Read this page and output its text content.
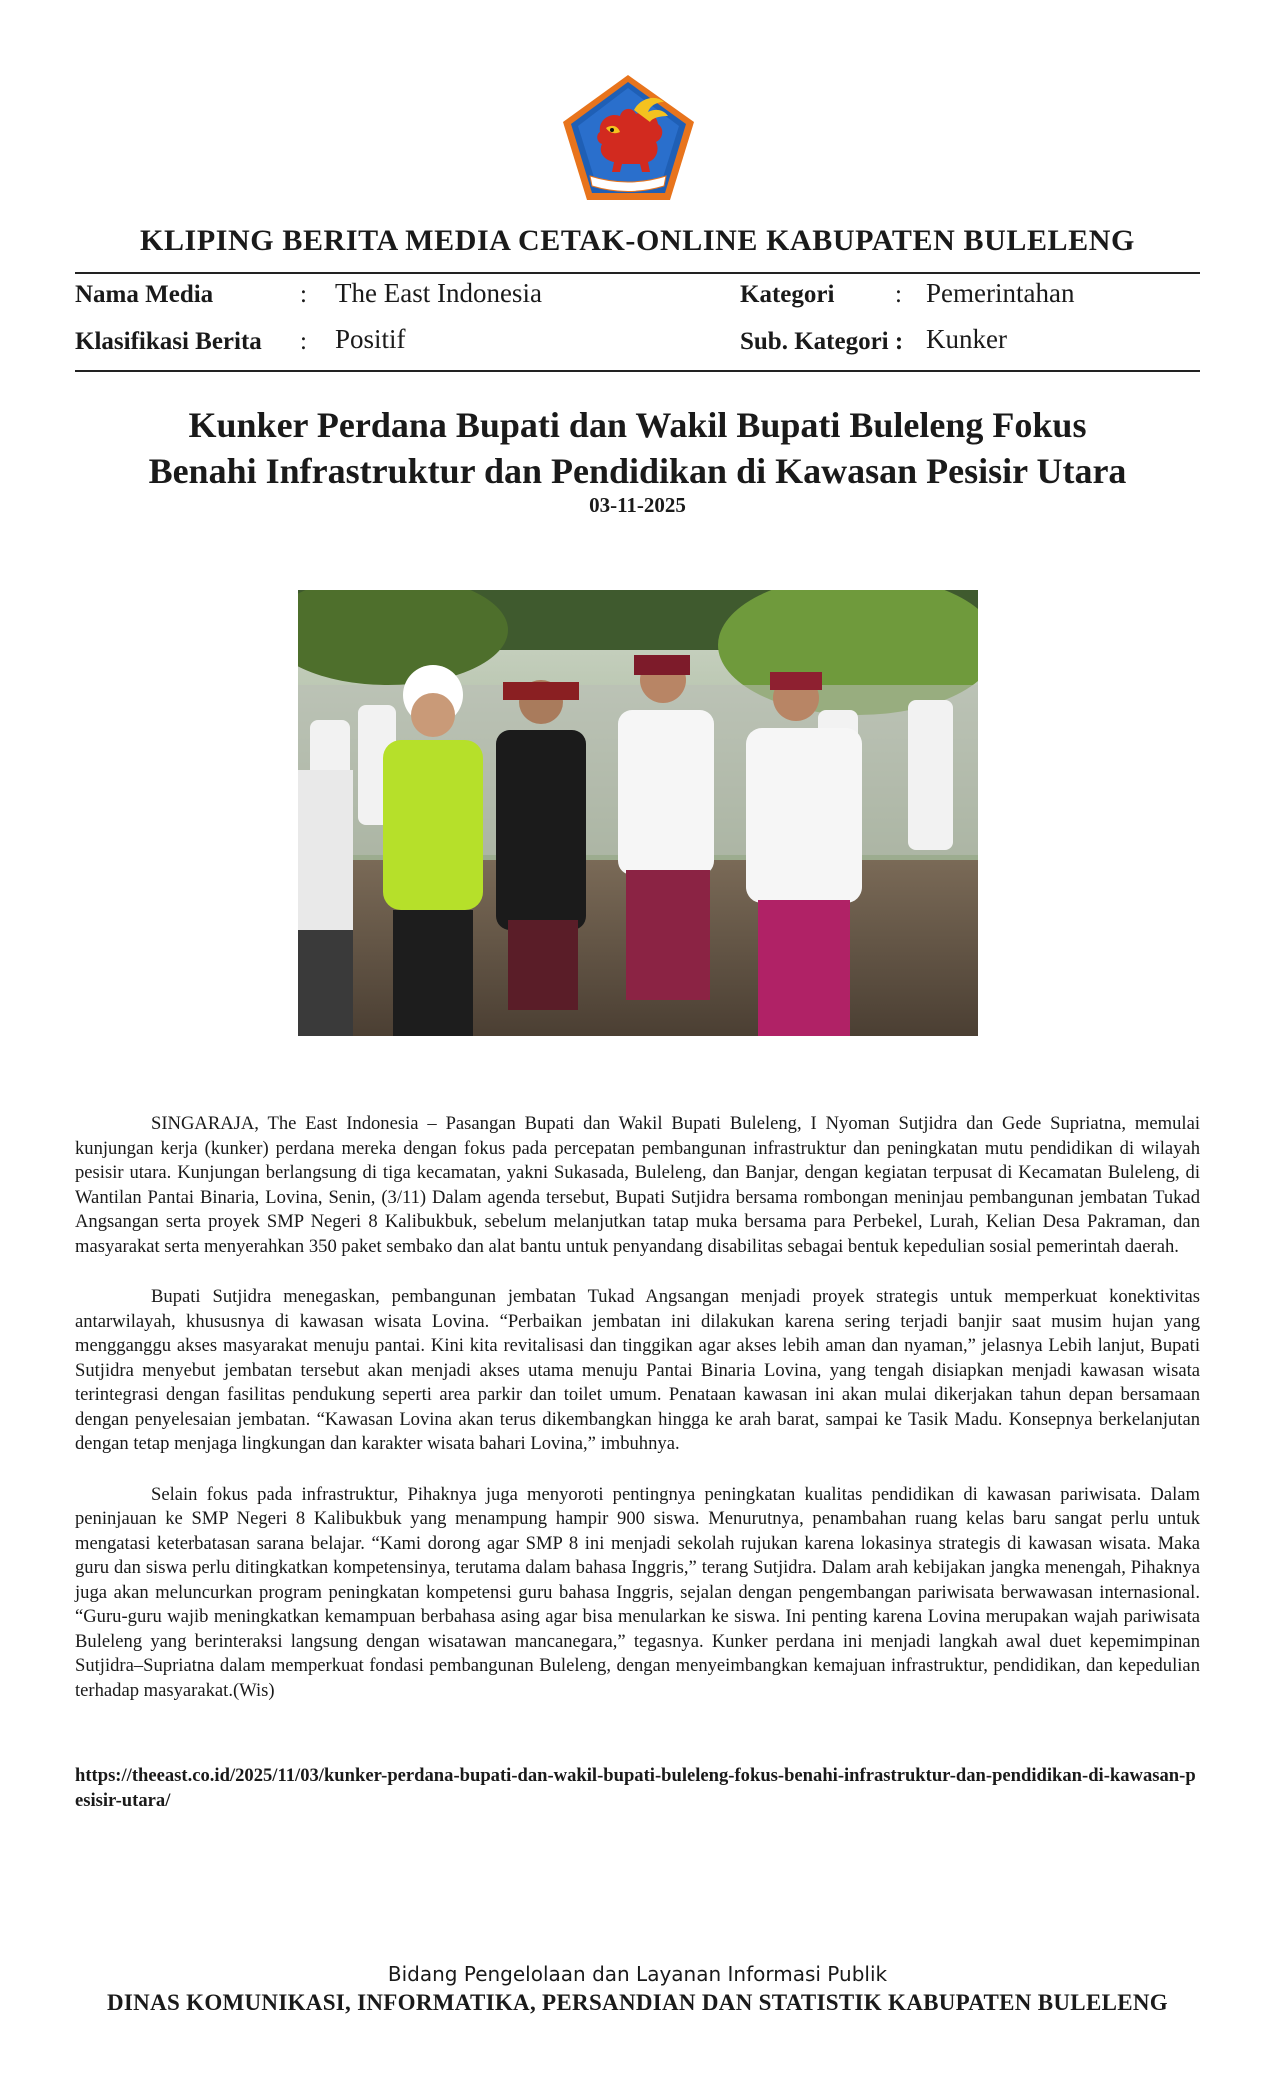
KLIPING BERITA MEDIA CETAK-ONLINE KABUPATEN BULELENG
Nama Media	: The East Indonesia	Kategori : Pemerintahan
Klasifikasi Berita : Positif	Sub. Kategori : Kunker
Kunker Perdana Bupati dan Wakil Bupati Buleleng Fokus
Benahi Infrastruktur dan Pendidikan di Kawasan Pesisir Utara
03-11-2025

SINGARAJA, The East Indonesia – Pasangan Bupati dan Wakil Bupati Buleleng, I Nyoman Sutjidra dan Gede Supriatna, memulai kunjungan kerja (kunker) perdana mereka dengan fokus pada percepatan pembangunan infrastruktur dan peningkatan mutu pendidikan di wilayah pesisir utara. Kunjungan berlangsung di tiga kecamatan, yakni Sukasada, Buleleng, dan Banjar, dengan kegiatan terpusat di Kecamatan Buleleng, di Wantilan Pantai Binaria, Lovina, Senin, (3/11) Dalam agenda tersebut, Bupati Sutjidra bersama rombongan meninjau pembangunan jembatan Tukad Angsangan serta proyek SMP Negeri 8 Kalibukbuk, sebelum melanjutkan tatap muka bersama para Perbekel, Lurah, Kelian Desa Pakraman, dan masyarakat serta menyerahkan 350 paket sembako dan alat bantu untuk penyandang disabilitas sebagai bentuk kepedulian sosial pemerintah daerah.

Bupati Sutjidra menegaskan, pembangunan jembatan Tukad Angsangan menjadi proyek strategis untuk memperkuat konektivitas antarwilayah, khususnya di kawasan wisata Lovina. “Perbaikan jembatan ini dilakukan karena sering terjadi banjir saat musim hujan yang mengganggu akses masyarakat menuju pantai. Kini kita revitalisasi dan tinggikan agar akses lebih aman dan nyaman,” jelasnya Lebih lanjut, Bupati Sutjidra menyebut jembatan tersebut akan menjadi akses utama menuju Pantai Binaria Lovina, yang tengah disiapkan menjadi kawasan wisata terintegrasi dengan fasilitas pendukung seperti area parkir dan toilet umum. Penataan kawasan ini akan mulai dikerjakan tahun depan bersamaan dengan penyelesaian jembatan. “Kawasan Lovina akan terus dikembangkan hingga ke arah barat, sampai ke Tasik Madu. Konsepnya berkelanjutan dengan tetap menjaga lingkungan dan karakter wisata bahari Lovina,” imbuhnya.

Selain fokus pada infrastruktur, Pihaknya juga menyoroti pentingnya peningkatan kualitas pendidikan di kawasan pariwisata. Dalam peninjauan ke SMP Negeri 8 Kalibukbuk yang menampung hampir 900 siswa. Menurutnya, penambahan ruang kelas baru sangat perlu untuk mengatasi keterbatasan sarana belajar. “Kami dorong agar SMP 8 ini menjadi sekolah rujukan karena lokasinya strategis di kawasan wisata. Maka guru dan siswa perlu ditingkatkan kompetensinya, terutama dalam bahasa Inggris,” terang Sutjidra. Dalam arah kebijakan jangka menengah, Pihaknya juga akan meluncurkan program peningkatan kompetensi guru bahasa Inggris, sejalan dengan pengembangan pariwisata berwawasan internasional. “Guru-guru wajib meningkatkan kemampuan berbahasa asing agar bisa menularkan ke siswa. Ini penting karena Lovina merupakan wajah pariwisata Buleleng yang berinteraksi langsung dengan wisatawan mancanegara,” tegasnya. Kunker perdana ini menjadi langkah awal duet kepemimpinan Sutjidra–Supriatna dalam memperkuat fondasi pembangunan Buleleng, dengan menyeimbangkan kemajuan infrastruktur, pendidikan, dan kepedulian terhadap masyarakat.(Wis)

https://theeast.co.id/2025/11/03/kunker-perdana-bupati-dan-wakil-bupati-buleleng-fokus-benahi-infrastruktur-dan-pendidikan-di-kawasan-pesisir-utara/
Bidang Pengelolaan dan Layanan Informasi Publik
DINAS KOMUNIKASI, INFORMATIKA, PERSANDIAN DAN STATISTIK KABUPATEN BULELENG
